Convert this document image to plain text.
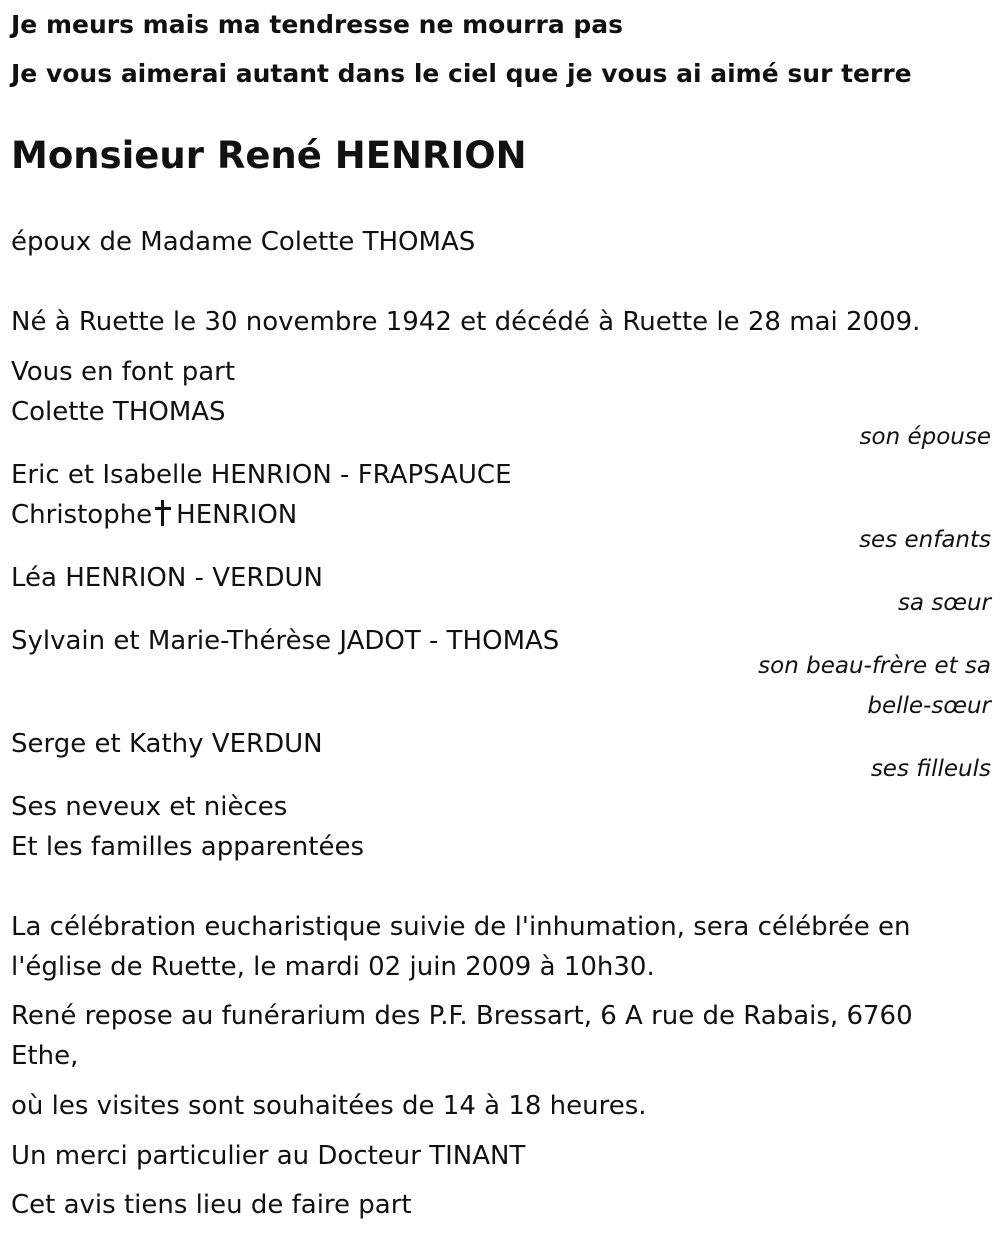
Je meurs mais ma tendresse ne mourra pas
Je vous aimerai autant dans le ciel que je vous ai aimé sur terre
Monsieur René HENRION
époux de Madame Colette THOMAS
Né à Ruette le 30 novembre 1942 et décédé à Ruette le 28 mai 2009.
Vous en font part
Colette THOMAS
son épouse
Eric et Isabelle HENRION - FRAPSAUCE
Christophe HENRION
ses enfants
Léa HENRION - VERDUN
sa sœur
Sylvain et Marie-Thérèse JADOT - THOMAS
son beau-frère et sa
belle-sœur
Serge et Kathy VERDUN
ses filleuls
Ses neveux et nièces
Et les familles apparentées
La célébration eucharistique suivie de l'inhumation, sera célébrée en
l'église de Ruette, le mardi 02 juin 2009 à 10h30.
René repose au funérarium des P.F. Bressart, 6 A rue de Rabais, 6760
Ethe,
où les visites sont souhaitées de 14 à 18 heures.
Un merci particulier au Docteur TINANT
Cet avis tiens lieu de faire part
